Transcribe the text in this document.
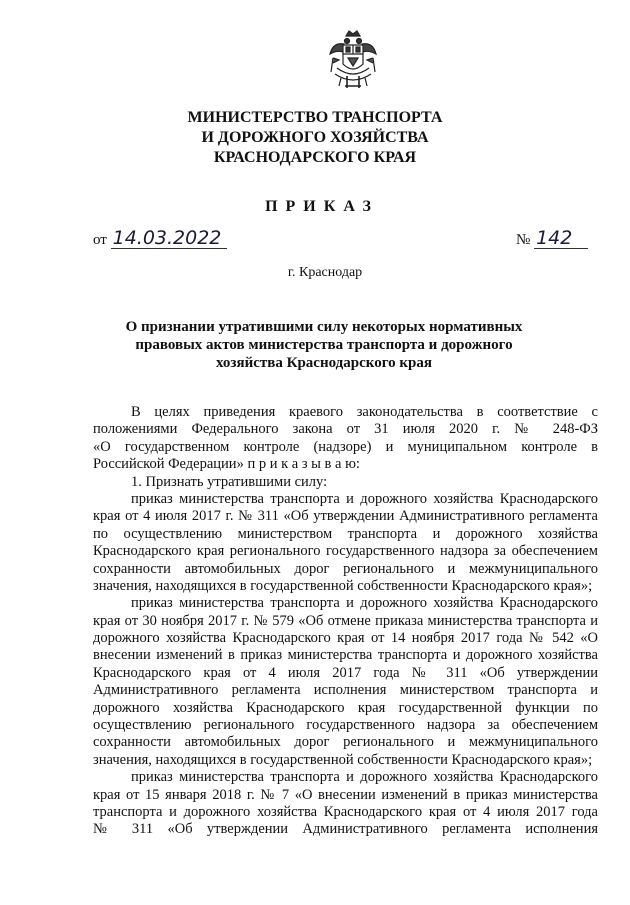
МИНИСТЕРСТВО ТРАНСПОРТА
И ДОРОЖНОГО ХОЗЯЙСТВА
КРАСНОДАРСКОГО КРАЯ
ПРИКАЗ
от 14.03.2022	№ 142
г. Краснодар
О признании утратившими силу некоторых нормативных
правовых актов министерства транспорта и дорожного
хозяйства Краснодарского края
В целях приведения краевого законодательства в соответствие с
положениями Федерального закона от 31 июля 2020 г. № 248-ФЗ
«О государственном контроле (надзоре) и муниципальном контроле в
Российской Федерации» п р и к а з ы в а ю:
1. Признать утратившими силу:
приказ министерства транспорта и дорожного хозяйства Краснодарского
края от 4 июля 2017 г. № 311 «Об утверждении Административного регламента
по осуществлению министерством транспорта и дорожного хозяйства
Краснодарского края регионального государственного надзора за обеспечением
сохранности автомобильных дорог регионального и межмуниципального
значения, находящихся в государственной собственности Краснодарского края»;
приказ министерства транспорта и дорожного хозяйства Краснодарского
края от 30 ноября 2017 г. № 579 «Об отмене приказа министерства транспорта и
дорожного хозяйства Краснодарского края от 14 ноября 2017 года № 542 «О
внесении изменений в приказ министерства транспорта и дорожного хозяйства
Краснодарского края от 4 июля 2017 года № 311 «Об утверждении
Административного регламента исполнения министерством транспорта и
дорожного хозяйства Краснодарского края государственной функции по
осуществлению регионального государственного надзора за обеспечением
сохранности автомобильных дорог регионального и межмуниципального
значения, находящихся в государственной собственности Краснодарского края»;
приказ министерства транспорта и дорожного хозяйства Краснодарского
края от 15 января 2018 г. № 7 «О внесении изменений в приказ министерства
транспорта и дорожного хозяйства Краснодарского края от 4 июля 2017 года
№ 311 «Об утверждении Административного регламента исполнения
